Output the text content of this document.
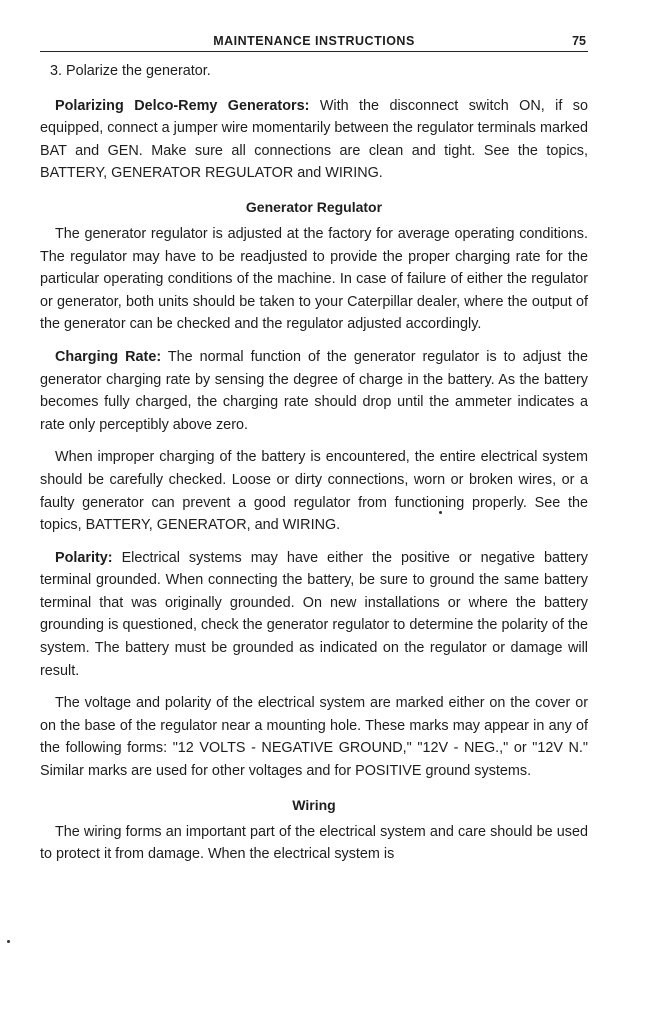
MAINTENANCE INSTRUCTIONS	75

3. Polarize the generator.

Polarizing Delco-Remy Generators: With the disconnect switch ON, if so equipped, connect a jumper wire momentarily between the regulator terminals marked BAT and GEN. Make sure all connections are clean and tight. See the topics, BATTERY, GENERATOR REGULATOR and WIRING.

Generator Regulator

The generator regulator is adjusted at the factory for average operating conditions. The regulator may have to be readjusted to provide the proper charging rate for the particular operating conditions of the machine. In case of failure of either the regulator or generator, both units should be taken to your Caterpillar dealer, where the output of the generator can be checked and the regulator adjusted accordingly.

Charging Rate: The normal function of the generator regulator is to adjust the generator charging rate by sensing the degree of charge in the battery. As the battery becomes fully charged, the charging rate should drop until the ammeter indicates a rate only perceptibly above zero.

When improper charging of the battery is encountered, the entire electrical system should be carefully checked. Loose or dirty connections, worn or broken wires, or a faulty generator can prevent a good regulator from functioning properly. See the topics, BATTERY, GENERATOR, and WIRING.

Polarity: Electrical systems may have either the positive or negative battery terminal grounded. When connecting the battery, be sure to ground the same battery terminal that was originally grounded. On new installations or where the battery grounding is questioned, check the generator regulator to determine the polarity of the system. The battery must be grounded as indicated on the regulator or damage will result.

The voltage and polarity of the electrical system are marked either on the cover or on the base of the regulator near a mounting hole. These marks may appear in any of the following forms: "12 VOLTS - NEGATIVE GROUND," "12V - NEG.," or "12V N." Similar marks are used for other voltages and for POSITIVE ground systems.

Wiring

The wiring forms an important part of the electrical system and care should be used to protect it from damage. When the electrical system is
